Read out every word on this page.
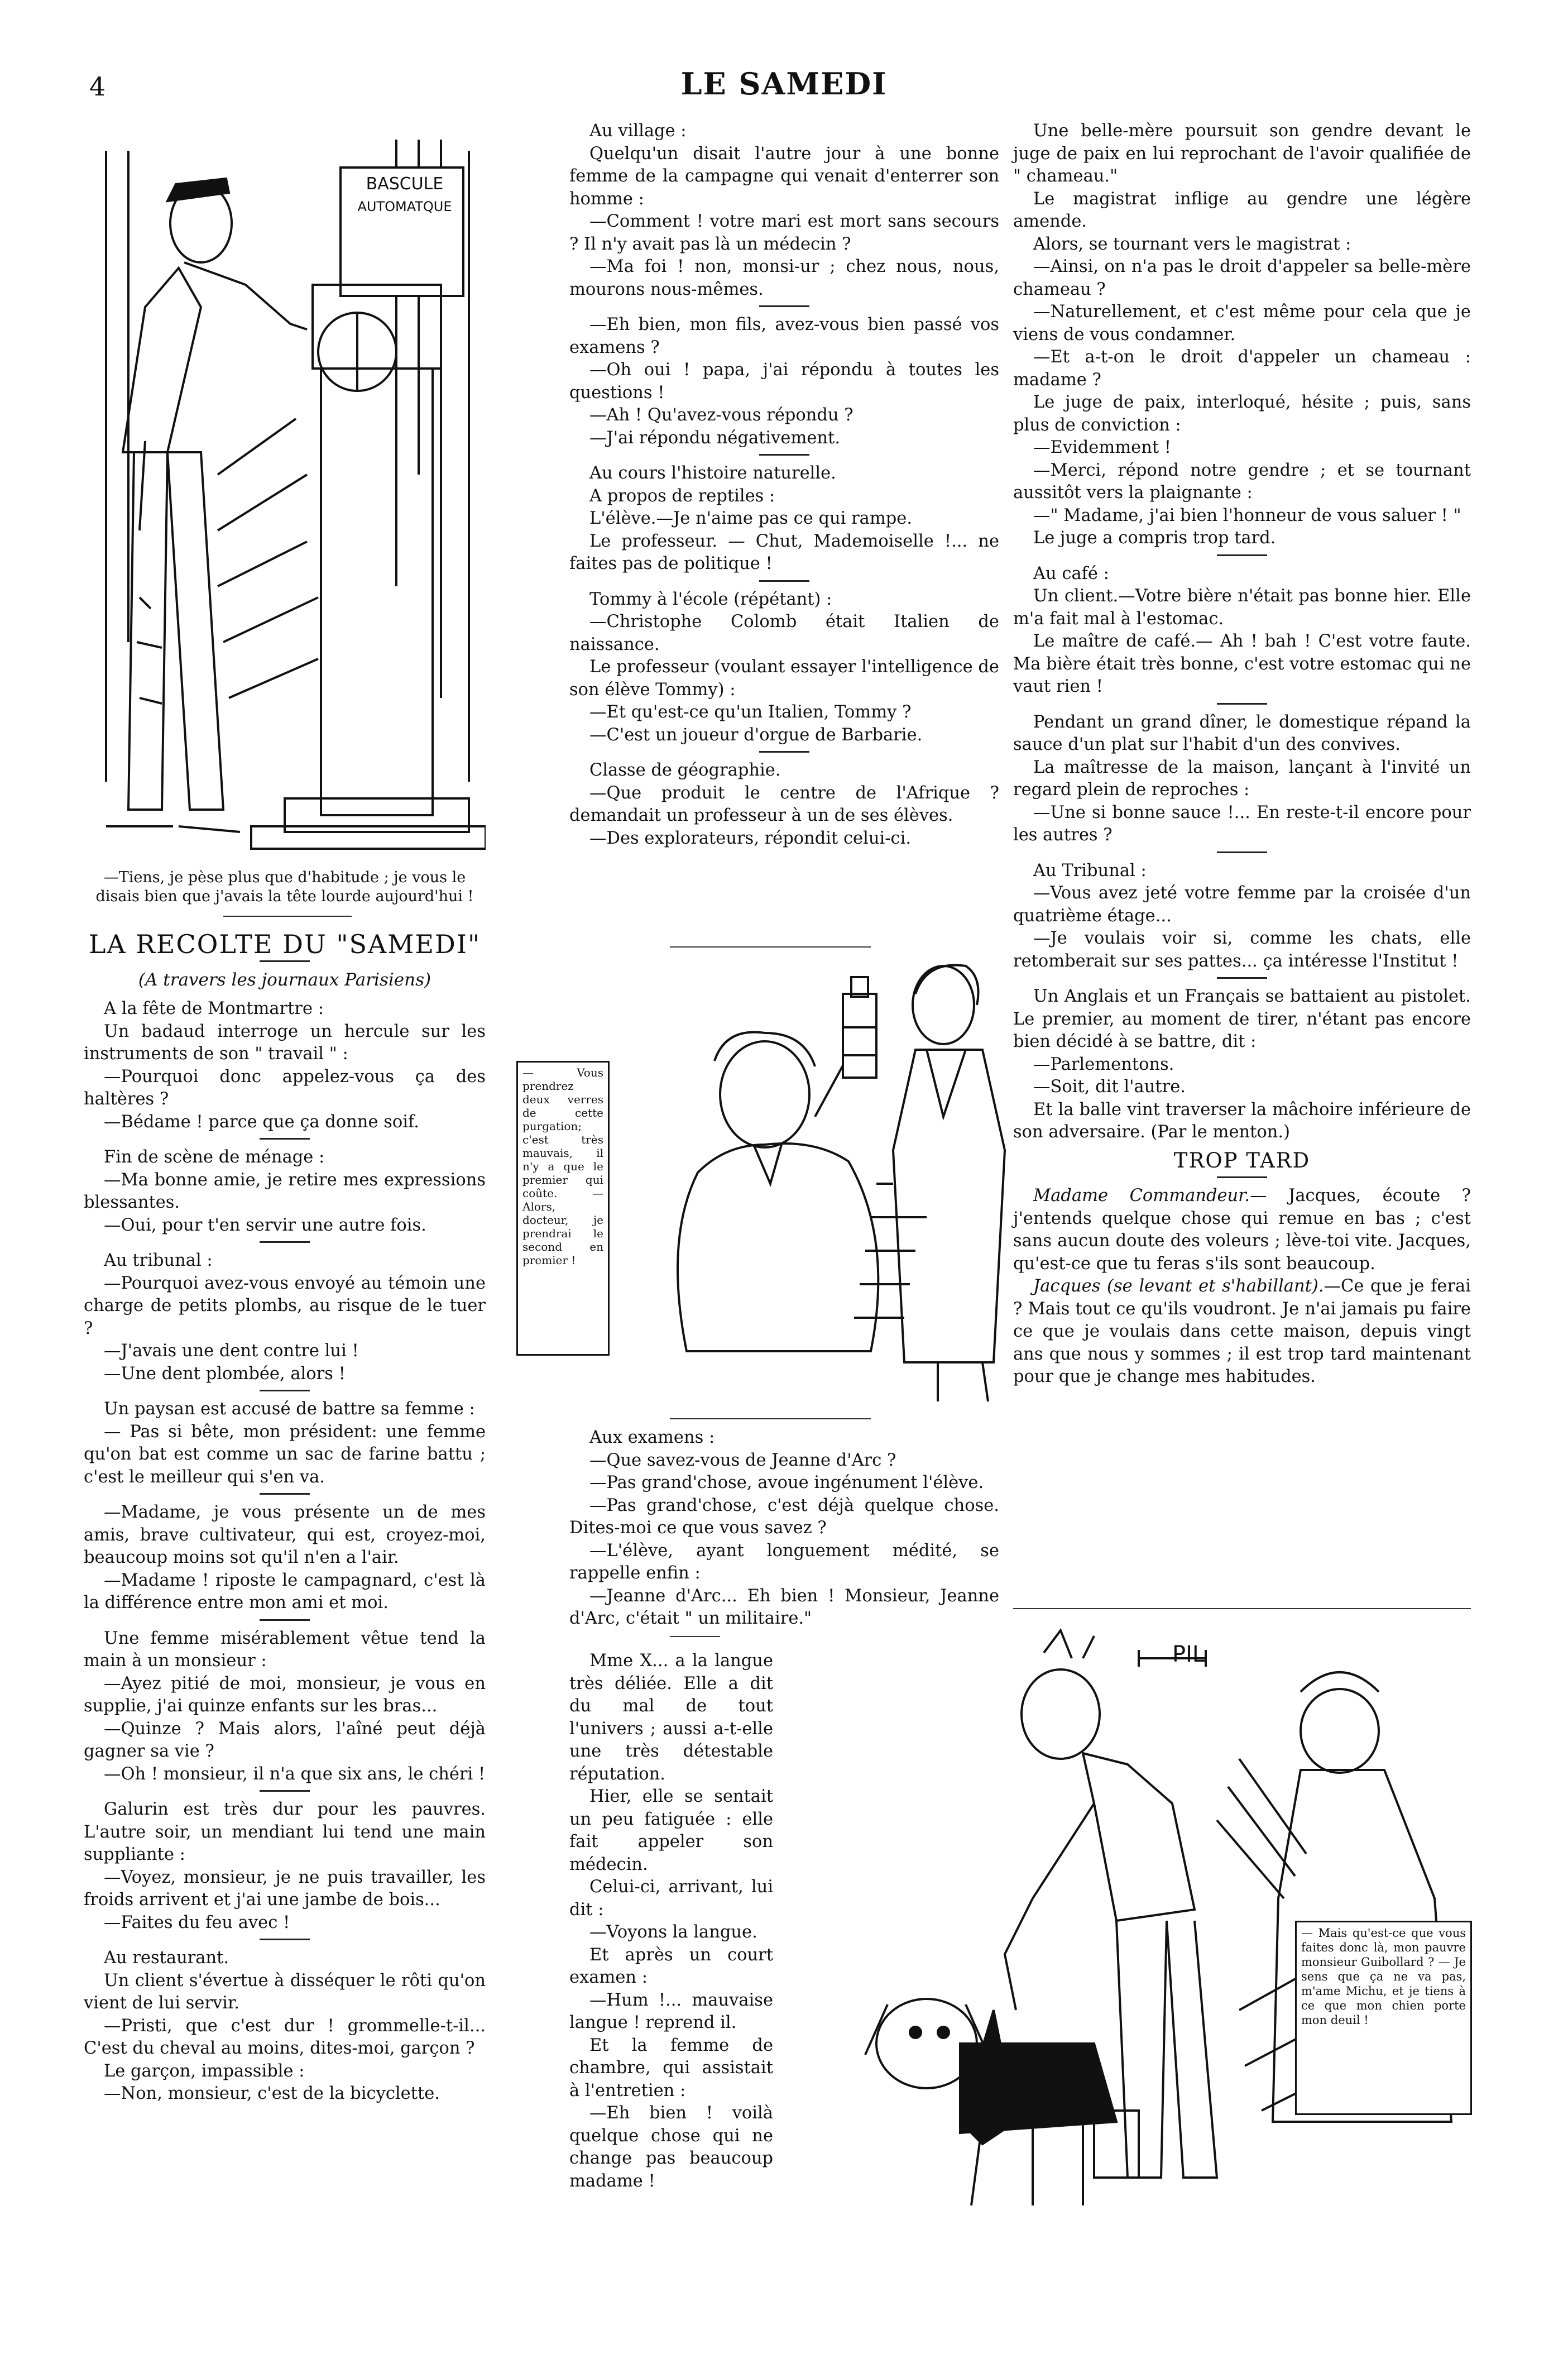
4	LE SAMEDI
BASCULE
AUTOMATQUE
—Tiens, je pèse plus que d'habitude ; je vous le disais bien que j'avais la tête lourde aujourd'hui !
LA RECOLTE DU "SAMEDI"
(A travers les journaux Parisiens)

A la fête de Montmartre :

Un badaud interroge un hercule sur les instruments de son " travail " :

—Pourquoi donc appelez-vous ça des haltères ?

—Bédame ! parce que ça donne soif.

Fin de scène de ménage :

—Ma bonne amie, je retire mes expressions blessantes.

—Oui, pour t'en servir une autre fois.

Au tribunal :

—Pourquoi avez-vous envoyé au témoin une charge de petits plombs, au risque de le tuer ?

—J'avais une dent contre lui !

—Une dent plombée, alors !

Un paysan est accusé de battre sa femme :

— Pas si bête, mon président: une femme qu'on bat est comme un sac de farine battu ; c'est le meilleur qui s'en va.

—Madame, je vous présente un de mes amis, brave cultivateur, qui est, croyez-moi, beaucoup moins sot qu'il n'en a l'air.

—Madame ! riposte le campagnard, c'est là la différence entre mon ami et moi.

Une femme misérablement vêtue tend la main à un monsieur :

—Ayez pitié de moi, monsieur, je vous en supplie, j'ai quinze enfants sur les bras...

—Quinze ? Mais alors, l'aîné peut déjà gagner sa vie ?

—Oh ! monsieur, il n'a que six ans, le chéri !

Galurin est très dur pour les pauvres. L'autre soir, un mendiant lui tend une main suppliante :

—Voyez, monsieur, je ne puis travailler, les froids arrivent et j'ai une jambe de bois...

—Faites du feu avec !

Au restaurant.

Un client s'évertue à disséquer le rôti qu'on vient de lui servir.

—Pristi, que c'est dur ! grommelle-t-il... C'est du cheval au moins, dites-moi, garçon ?

Le garçon, impassible :

—Non, monsieur, c'est de la bicyclette.

Au village :

Quelqu'un disait l'autre jour à une bonne femme de la campagne qui venait d'enterrer son homme :

—Comment ! votre mari est mort sans secours ? Il n'y avait pas là un médecin ?

—Ma foi ! non, monsi-ur ; chez nous, nous, mourons nous-mêmes.

—Eh bien, mon fils, avez-vous bien passé vos examens ?

—Oh oui ! papa, j'ai répondu à toutes les questions !

—Ah ! Qu'avez-vous répondu ?

—J'ai répondu négativement.

Au cours l'histoire naturelle.

A propos de reptiles :

L'élève.—Je n'aime pas ce qui rampe.

Le professeur. — Chut, Mademoiselle !... ne faites pas de politique !

Tommy à l'école (répétant) :

—Christophe Colomb était Italien de naissance.

Le professeur (voulant essayer l'intelligence de son élève Tommy) :

—Et qu'est-ce qu'un Italien, Tommy ?

—C'est un joueur d'orgue de Barbarie.

Classe de géographie.

—Que produit le centre de l'Afrique ? demandait un professeur à un de ses élèves.

—Des explorateurs, répondit celui-ci.

— Vous prendrez deux verres de cette purgation; c'est très mauvais, il n'y a que le premier qui coûte. — Alors, docteur, je prendrai le second en premier !

Aux examens :

—Que savez-vous de Jeanne d'Arc ?

—Pas grand'chose, avoue ingénument l'élève.

—Pas grand'chose, c'est déjà quelque chose. Dites-moi ce que vous savez ?

—L'élève, ayant longuement médité, se rappelle enfin :

—Jeanne d'Arc... Eh bien ! Monsieur, Jeanne d'Arc, c'était " un militaire."

Mme X... a la langue très déliée. Elle a dit du mal de tout l'univers ; aussi a-t-elle une très détestable réputation.

Hier, elle se sentait un peu fatiguée : elle fait appeler son médecin.

Celui-ci, arrivant, lui dit :

—Voyons la langue.

Et après un court examen :

—Hum !... mauvaise langue ! reprend il.

Et la femme de chambre, qui assistait à l'entretien :

—Eh bien ! voilà quelque chose qui ne change pas beaucoup madame !

Une belle-mère poursuit son gendre devant le juge de paix en lui reprochant de l'avoir qualifiée de " chameau."

Le magistrat inflige au gendre une légère amende.

Alors, se tournant vers le magistrat :

—Ainsi, on n'a pas le droit d'appeler sa belle-mère chameau ?

—Naturellement, et c'est même pour cela que je viens de vous condamner.

—Et a-t-on le droit d'appeler un chameau : madame ?

Le juge de paix, interloqué, hésite ; puis, sans plus de conviction :

—Evidemment !

—Merci, répond notre gendre ; et se tournant aussitôt vers la plaignante :

—" Madame, j'ai bien l'honneur de vous saluer ! "

Le juge a compris trop tard.

Au café :

Un client.—Votre bière n'était pas bonne hier. Elle m'a fait mal à l'estomac.

Le maître de café.— Ah ! bah ! C'est votre faute. Ma bière était très bonne, c'est votre estomac qui ne vaut rien !

Pendant un grand dîner, le domestique répand la sauce d'un plat sur l'habit d'un des convives.

La maîtresse de la maison, lançant à l'invité un regard plein de reproches :

—Une si bonne sauce !... En reste-t-il encore pour les autres ?

Au Tribunal :

—Vous avez jeté votre femme par la croisée d'un quatrième étage...

—Je voulais voir si, comme les chats, elle retomberait sur ses pattes... ça intéresse l'Institut !

Un Anglais et un Français se battaient au pistolet. Le premier, au moment de tirer, n'étant pas encore bien décidé à se battre, dit :

—Parlementons.

—Soit, dit l'autre.

Et la balle vint traverser la mâchoire inférieure de son adversaire. (Par le menton.)

TROP TARD

Madame Commandeur.— Jacques, écoute ? j'entends quelque chose qui remue en bas ; c'est sans aucun doute des voleurs ; lève-toi vite. Jacques, qu'est-ce que tu feras s'ils sont beaucoup.

Jacques (se levant et s'habillant).—Ce que je ferai ? Mais tout ce qu'ils voudront. Je n'ai jamais pu faire ce que je voulais dans cette maison, depuis vingt ans que nous y sommes ; il est trop tard maintenant pour que je change mes habitudes.

PIL
— Mais qu'est-ce que vous faites donc là, mon pauvre monsieur Guibollard ? — Je sens que ça ne va pas, m'ame Michu, et je tiens à ce que mon chien porte mon deuil !
